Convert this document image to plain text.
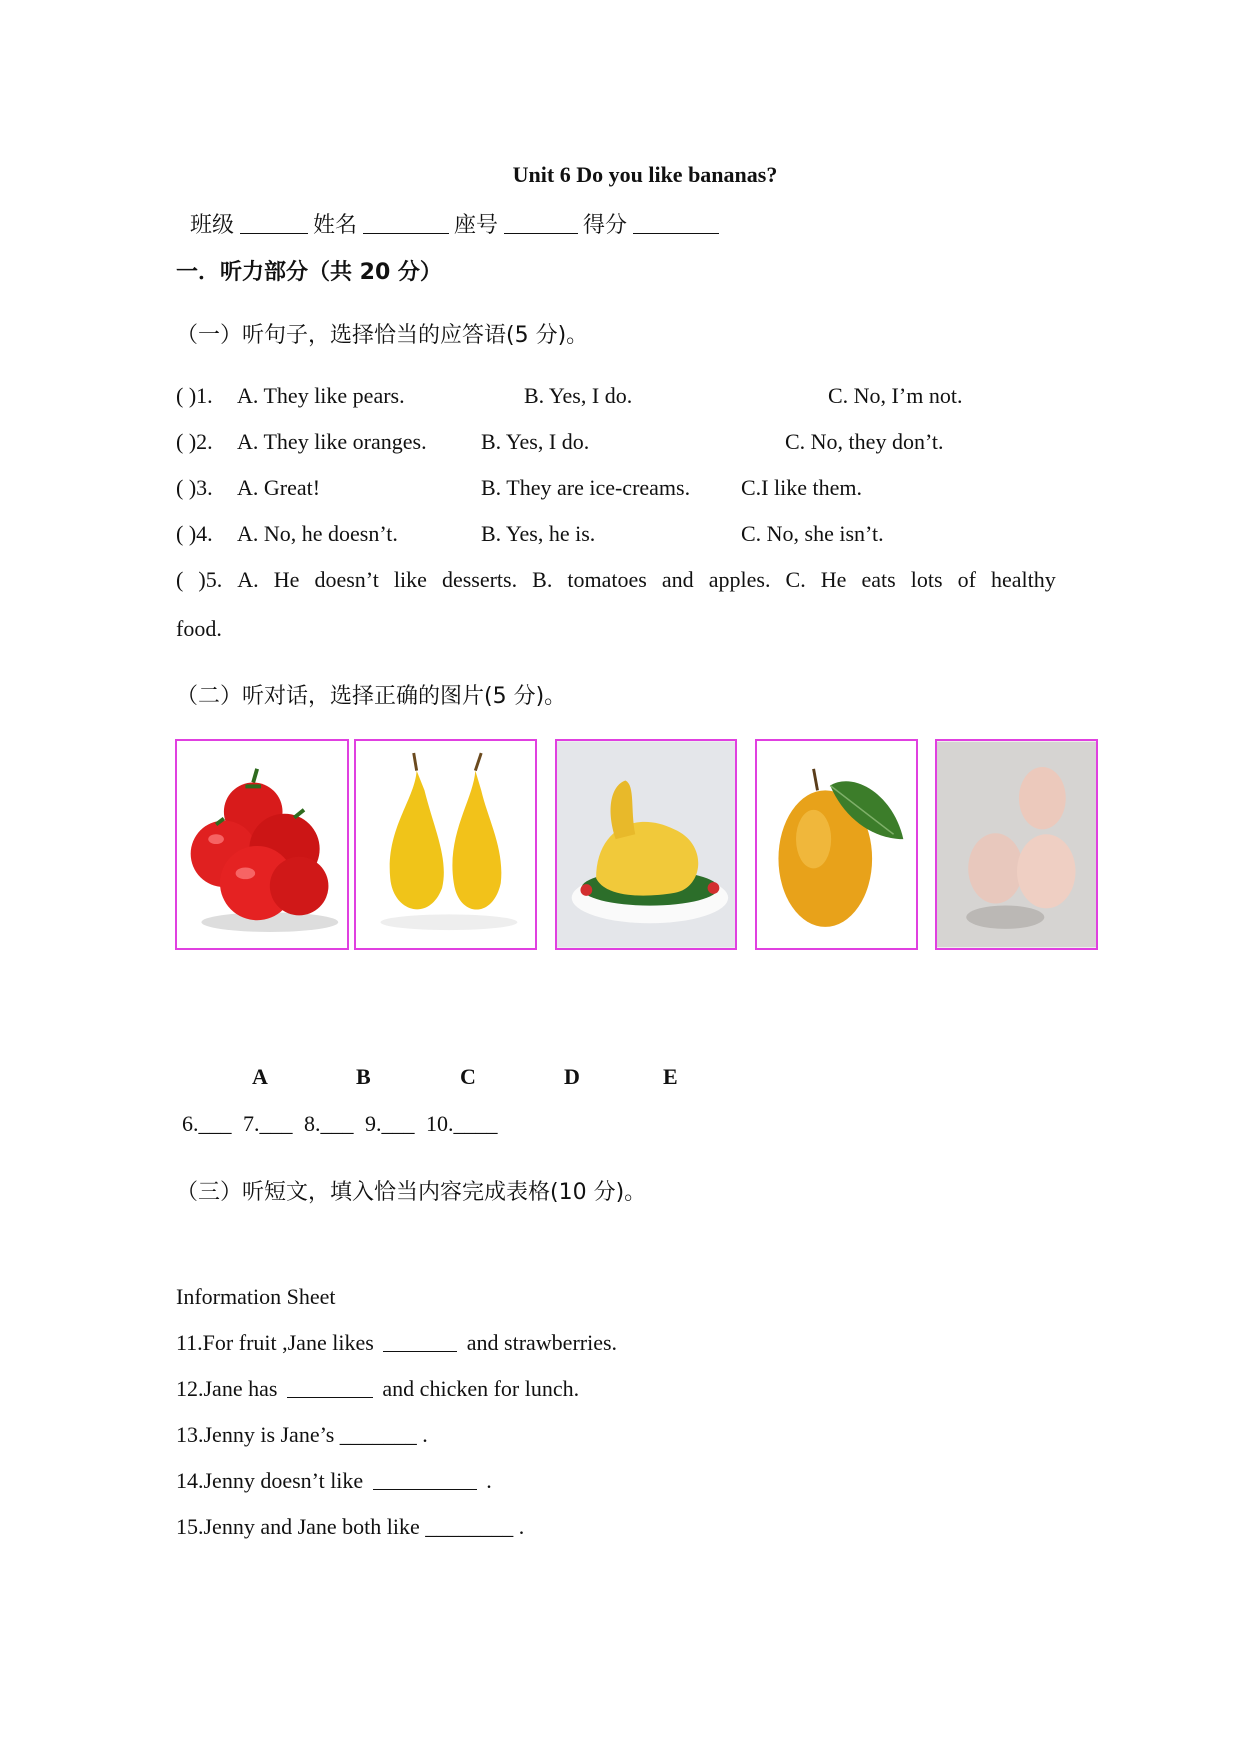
Unit 6 Do you like bananas?
班级	姓名	座号	得分
一．听力部分（共 20 分）
（一）听句子，选择恰当的应答语(5 分)。
( )1. A. They like pears.	B. Yes, I do.	C. No, I’m not.
( )2. A. They like oranges. B. Yes, I do.	C. No, they don’t.
( )3. A. Great!	B. They are ice-creams. C.I like them.
( )4. A. No, he doesn’t.	B. Yes, he is.	C. No, she isn’t.
( )5. A. He doesn’t like desserts. B. tomatoes and apples. C. He eats lots of healthy
food.
（二）听对话，选择正确的图片(5 分)。
A	B	C	D	E
6.___ 7.___ 8.___ 9.___ 10.____
（三）听短文，填入恰当内容完成表格(10 分)。
Information Sheet
11.For fruit ,Jane likes	and strawberries.
12.Jane has	and chicken for lunch.
13.Jenny is Jane’s _______ .
14.Jenny doesn’t like	.
15.Jenny and Jane both like ________ .
